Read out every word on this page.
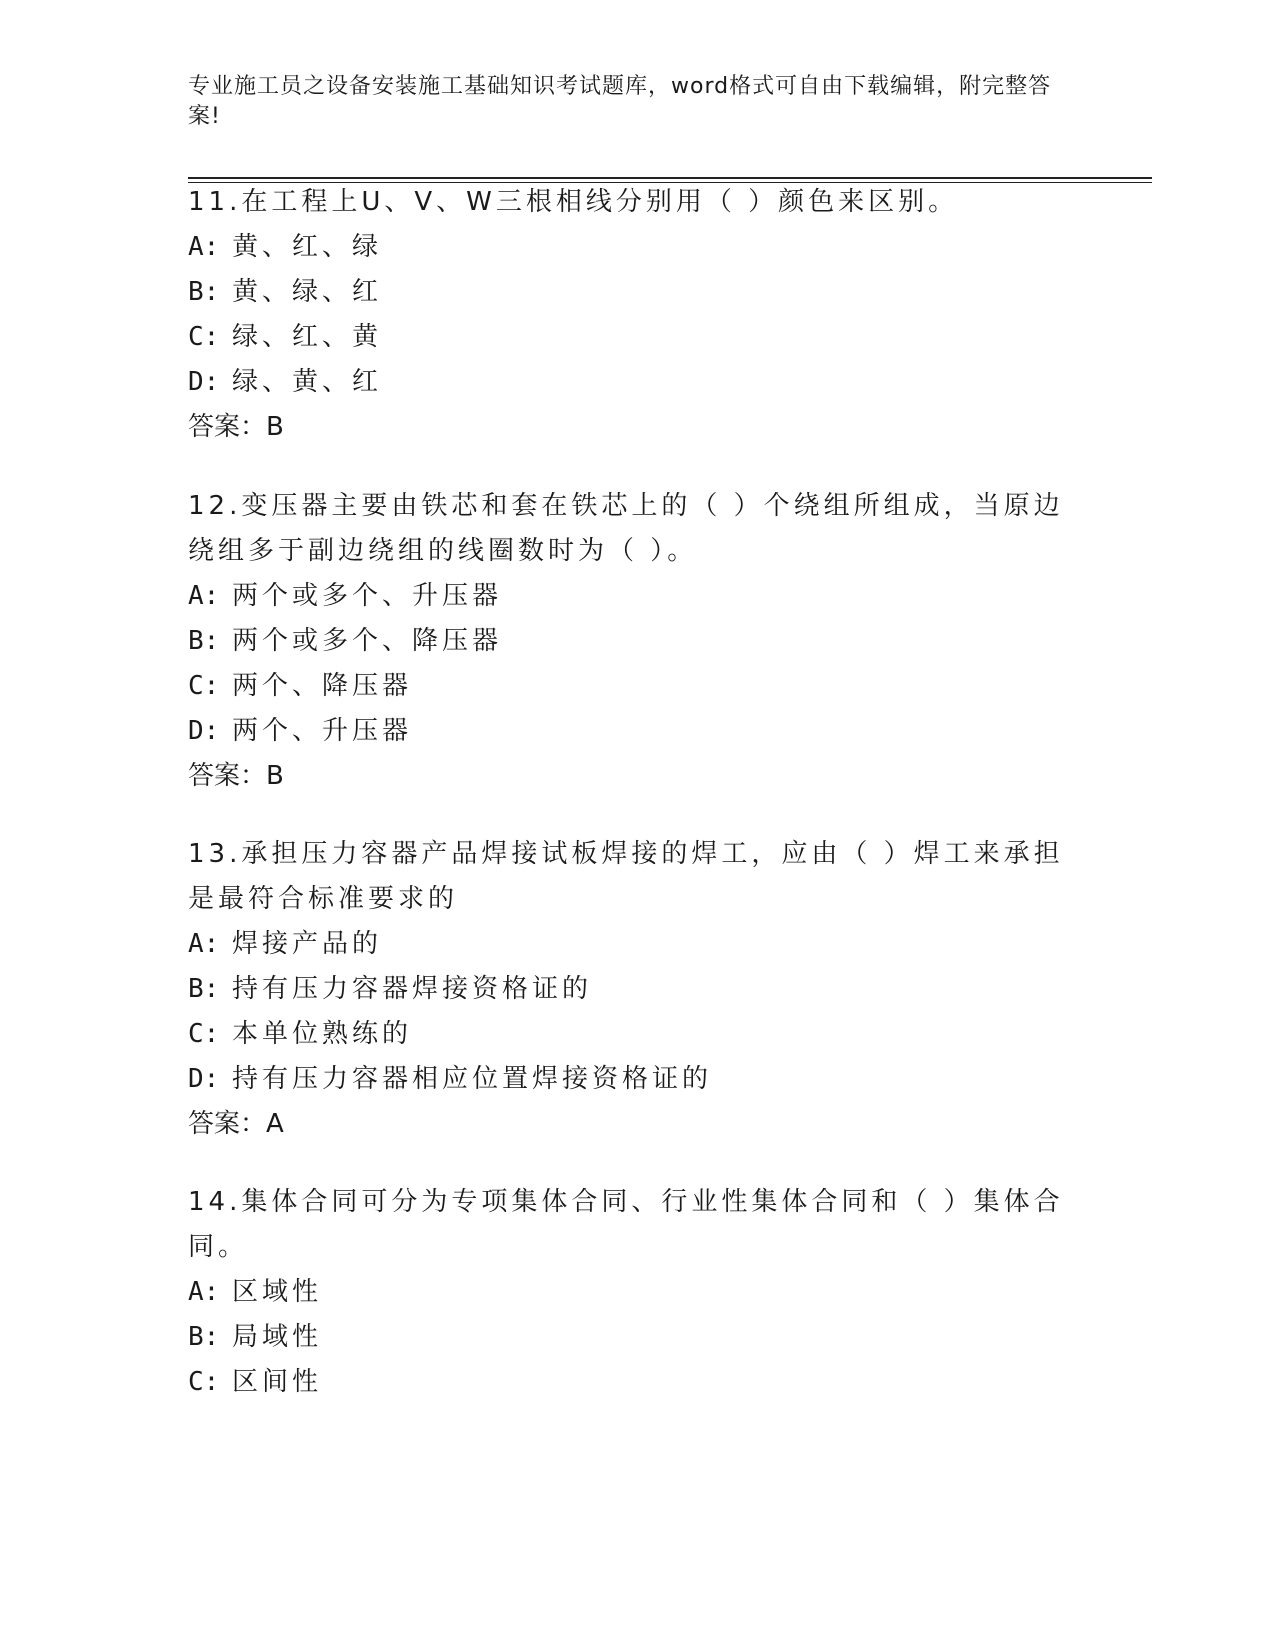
专业施工员之设备安装施工基础知识考试题库，word格式可自由下载编辑，附完整答案!

11.在工程上U、V、W三根相线分别用（ ）颜色来区别。

A: 黄、红、绿

B: 黄、绿、红

C: 绿、红、黄

D: 绿、黄、红

答案：B

12.变压器主要由铁芯和套在铁芯上的（ ）个绕组所组成，当原边绕组多于副边绕组的线圈数时为（ ）。

A: 两个或多个、升压器

B: 两个或多个、降压器

C: 两个、降压器

D: 两个、升压器

答案：B

13.承担压力容器产品焊接试板焊接的焊工，应由（ ）焊工来承担是最符合标准要求的

A: 焊接产品的

B: 持有压力容器焊接资格证的

C: 本单位熟练的

D: 持有压力容器相应位置焊接资格证的

答案：A

14.集体合同可分为专项集体合同、行业性集体合同和（ ）集体合同。

A: 区域性

B: 局域性

C: 区间性
